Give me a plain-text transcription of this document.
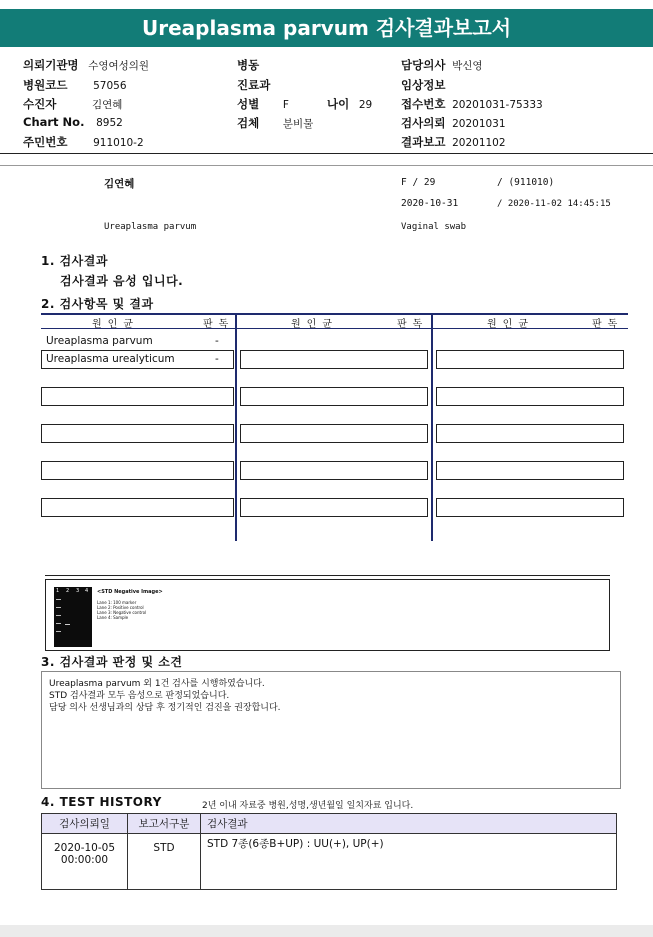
Ureaplasma parvum 검사결과보고서
의뢰기관명 수영여성의원
병원코드 57056
수진자	김연혜
Chart No. 8952
주민번호 911010-2
병동
진료과
성별 F	나이 29
검체 분비물
담당의사 박신영
임상정보
접수번호 20201031-75333
검사의뢰 20201031
결과보고 20201102
김연혜	F / 29	/ (911010)
2020-10-31	/ 2020-11-02 14:45:15
Ureaplasma parvum	Vaginal swab
1. 검사결과
검사결과 음성 입니다.
2. 검사항목 및 결과
원인균	판독	원인균	판독	원인균	판독
Ureaplasma parvum	-
Ureaplasma urealyticum	-
1 2 3 4 <STD Negative Image>
Lane 1: 100 marker
Lane 2: Positive control
Lane 3: Negative control
Lane 4: Sample
3. 검사결과 판정 및 소견
Ureaplasma parvum 외 1건 검사를 시행하였습니다.
STD 검사결과 모두 음성으로 판정되었습니다.
담당 의사 선생님과의 상담 후 정기적인 검진을 권장합니다.
4. TEST HISTORY	2년 이내 자료중 병원,성명,생년월일 일치자료 입니다.
검사의뢰일	보고서구분	검사결과

2020-10-05
00:00:00	STD	STD 7종(6종B+UP) : UU(+), UP(+)
